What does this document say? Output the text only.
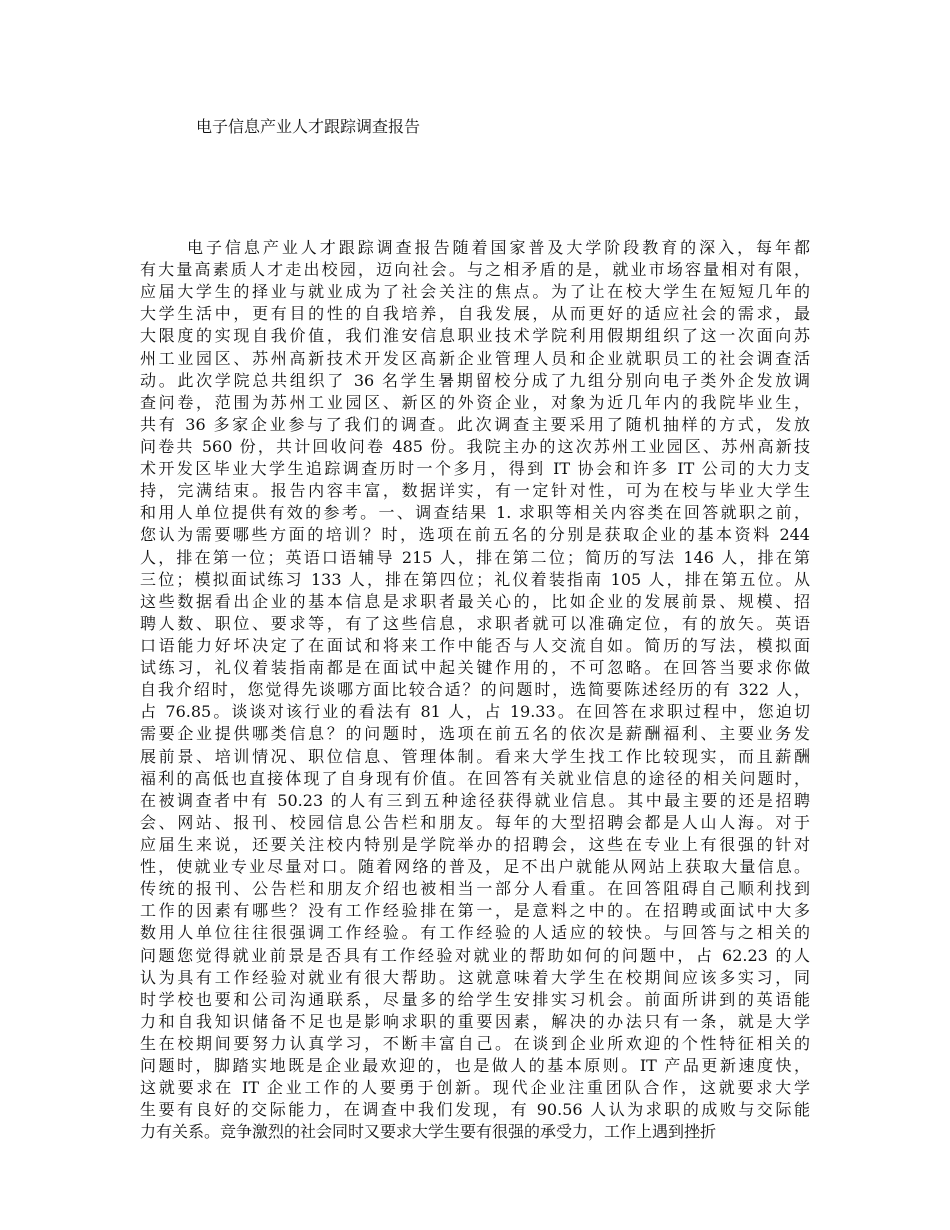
电子信息产业人才跟踪调查报告
电子信息产业人才跟踪调查报告随着国家普及大学阶段教育的深入，每年都
有大量高素质人才走出校园，迈向社会。与之相矛盾的是，就业市场容量相对有限，
应届大学生的择业与就业成为了社会关注的焦点。为了让在校大学生在短短几年的
大学生活中，更有目的性的自我培养，自我发展，从而更好的适应社会的需求，最
大限度的实现自我价值，我们淮安信息职业技术学院利用假期组织了这一次面向苏
州工业园区、苏州高新技术开发区高新企业管理人员和企业就职员工的社会调查活
动。此次学院总共组织了 36 名学生暑期留校分成了九组分别向电子类外企发放调
查问卷，范围为苏州工业园区、新区的外资企业，对象为近几年内的我院毕业生，
共有 36 多家企业参与了我们的调查。此次调查主要采用了随机抽样的方式，发放
问卷共 560 份，共计回收问卷 485 份。我院主办的这次苏州工业园区、苏州高新技
术开发区毕业大学生追踪调查历时一个多月，得到 IT 协会和许多 IT 公司的大力支
持，完满结束。报告内容丰富，数据详实，有一定针对性，可为在校与毕业大学生
和用人单位提供有效的参考。一、调查结果 1. 求职等相关内容类在回答就职之前，
您认为需要哪些方面的培训？时，选项在前五名的分别是获取企业的基本资料 244
人，排在第一位；英语口语辅导 215 人，排在第二位；简历的写法 146 人，排在第
三位；模拟面试练习 133 人，排在第四位；礼仪着装指南 105 人，排在第五位。从
这些数据看出企业的基本信息是求职者最关心的，比如企业的发展前景、规模、招
聘人数、职位、要求等，有了这些信息，求职者就可以准确定位，有的放矢。英语
口语能力好坏决定了在面试和将来工作中能否与人交流自如。简历的写法，模拟面
试练习，礼仪着装指南都是在面试中起关键作用的，不可忽略。在回答当要求你做
自我介绍时，您觉得先谈哪方面比较合适？的问题时，选简要陈述经历的有 322 人，
占 76.85。谈谈对该行业的看法有 81 人，占 19.33。在回答在求职过程中，您迫切
需要企业提供哪类信息？的问题时，选项在前五名的依次是薪酬福利、主要业务发
展前景、培训情况、职位信息、管理体制。看来大学生找工作比较现实，而且薪酬
福利的高低也直接体现了自身现有价值。在回答有关就业信息的途径的相关问题时，
在被调查者中有 50.23 的人有三到五种途径获得就业信息。其中最主要的还是招聘
会、网站、报刊、校园信息公告栏和朋友。每年的大型招聘会都是人山人海。对于
应届生来说，还要关注校内特别是学院举办的招聘会，这些在专业上有很强的针对
性，使就业专业尽量对口。随着网络的普及，足不出户就能从网站上获取大量信息。
传统的报刊、公告栏和朋友介绍也被相当一部分人看重。在回答阻碍自己顺利找到
工作的因素有哪些？没有工作经验排在第一，是意料之中的。在招聘或面试中大多
数用人单位往往很强调工作经验。有工作经验的人适应的较快。与回答与之相关的
问题您觉得就业前景是否具有工作经验对就业的帮助如何的问题中，占 62.23 的人
认为具有工作经验对就业有很大帮助。这就意味着大学生在校期间应该多实习，同
时学校也要和公司沟通联系，尽量多的给学生安排实习机会。前面所讲到的英语能
力和自我知识储备不足也是影响求职的重要因素，解决的办法只有一条，就是大学
生在校期间要努力认真学习，不断丰富自己。在谈到企业所欢迎的个性特征相关的
问题时，脚踏实地既是企业最欢迎的，也是做人的基本原则。IT 产品更新速度快，
这就要求在 IT 企业工作的人要勇于创新。现代企业注重团队合作，这就要求大学
生要有良好的交际能力，在调查中我们发现，有 90.56 人认为求职的成败与交际能
力有关系。竞争激烈的社会同时又要求大学生要有很强的承受力，工作上遇到挫折
